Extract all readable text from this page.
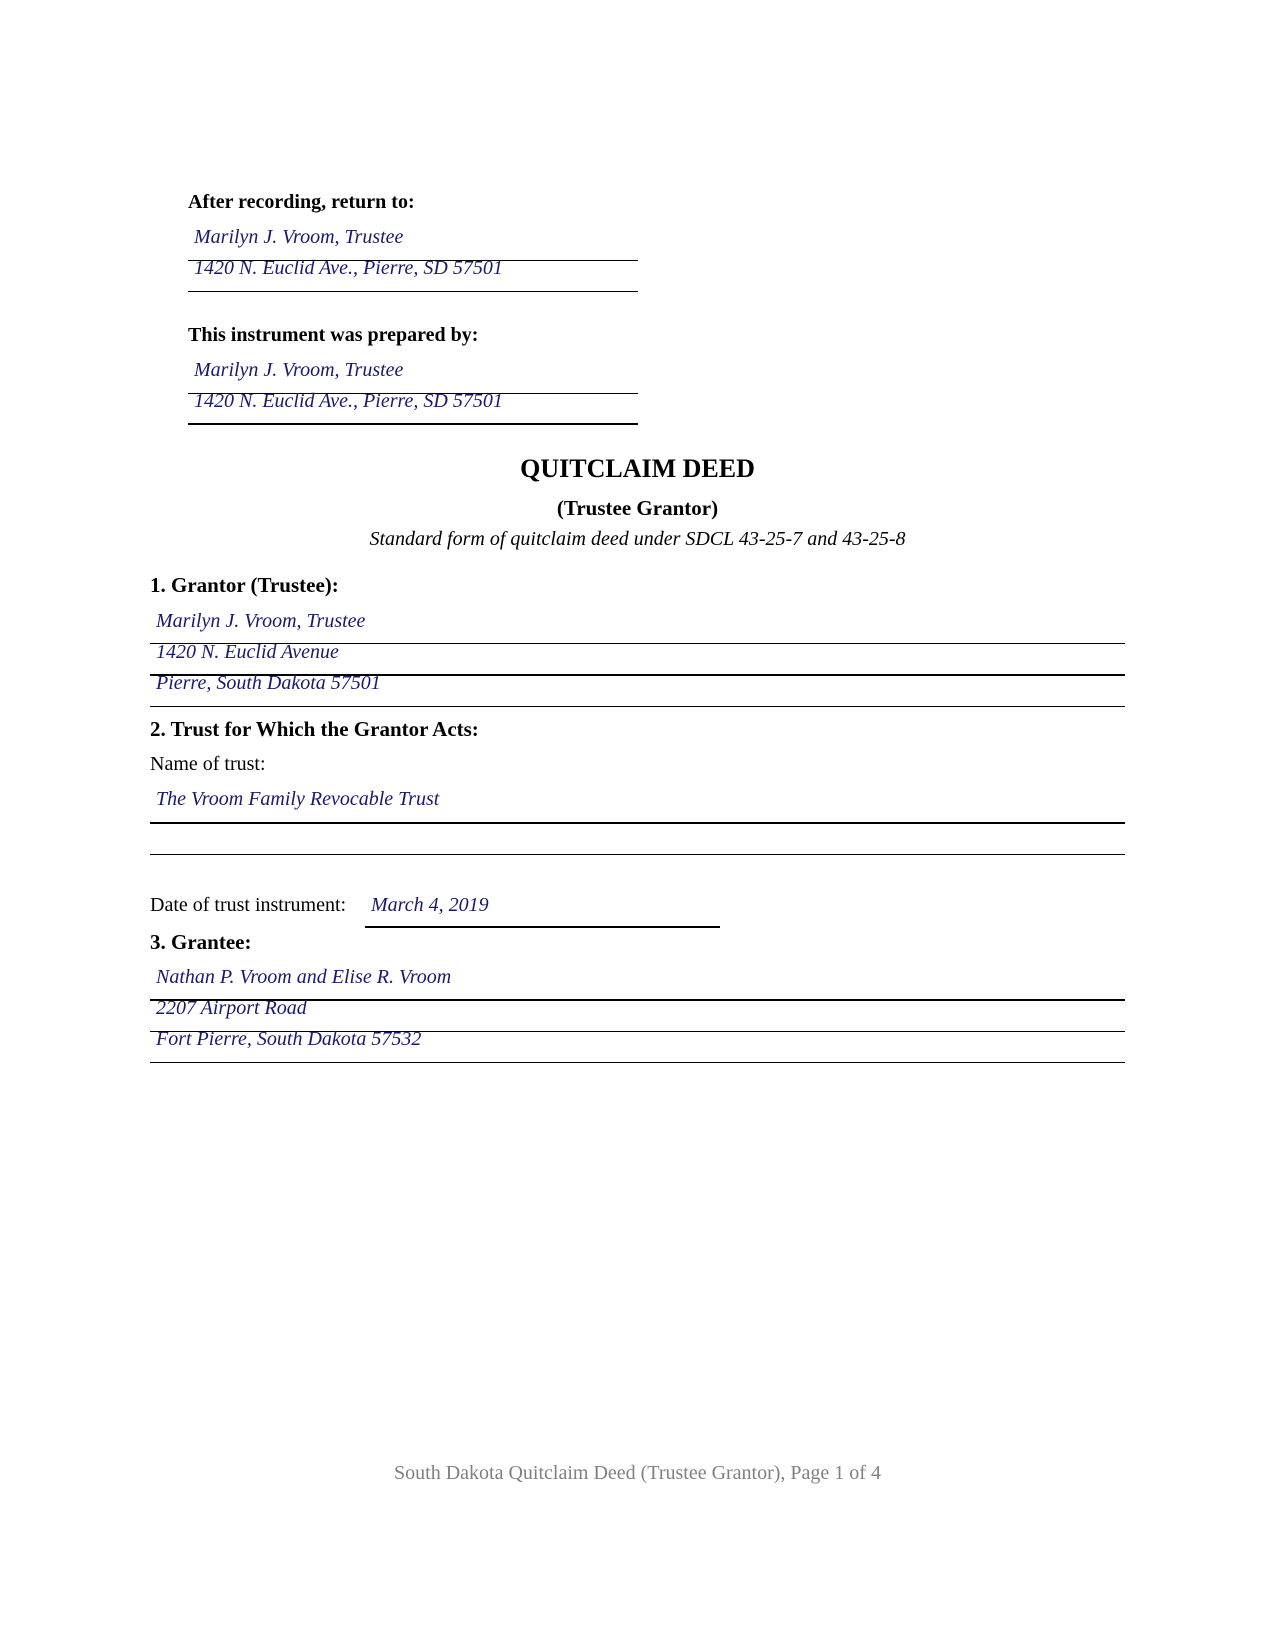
After recording, return to:
Marilyn J. Vroom, Trustee
1420 N. Euclid Ave., Pierre, SD 57501
This instrument was prepared by:
Marilyn J. Vroom, Trustee
1420 N. Euclid Ave., Pierre, SD 57501
QUITCLAIM DEED
(Trustee Grantor)
Standard form of quitclaim deed under SDCL 43-25-7 and 43-25-8
1. Grantor (Trustee):
Marilyn J. Vroom, Trustee
1420 N. Euclid Avenue
Pierre, South Dakota 57501
2. Trust for Which the Grantor Acts:
Name of trust:
The Vroom Family Revocable Trust
Date of trust instrument:	March 4, 2019
3. Grantee:
Nathan P. Vroom and Elise R. Vroom
2207 Airport Road
Fort Pierre, South Dakota 57532
South Dakota Quitclaim Deed (Trustee Grantor), Page 1 of 4
